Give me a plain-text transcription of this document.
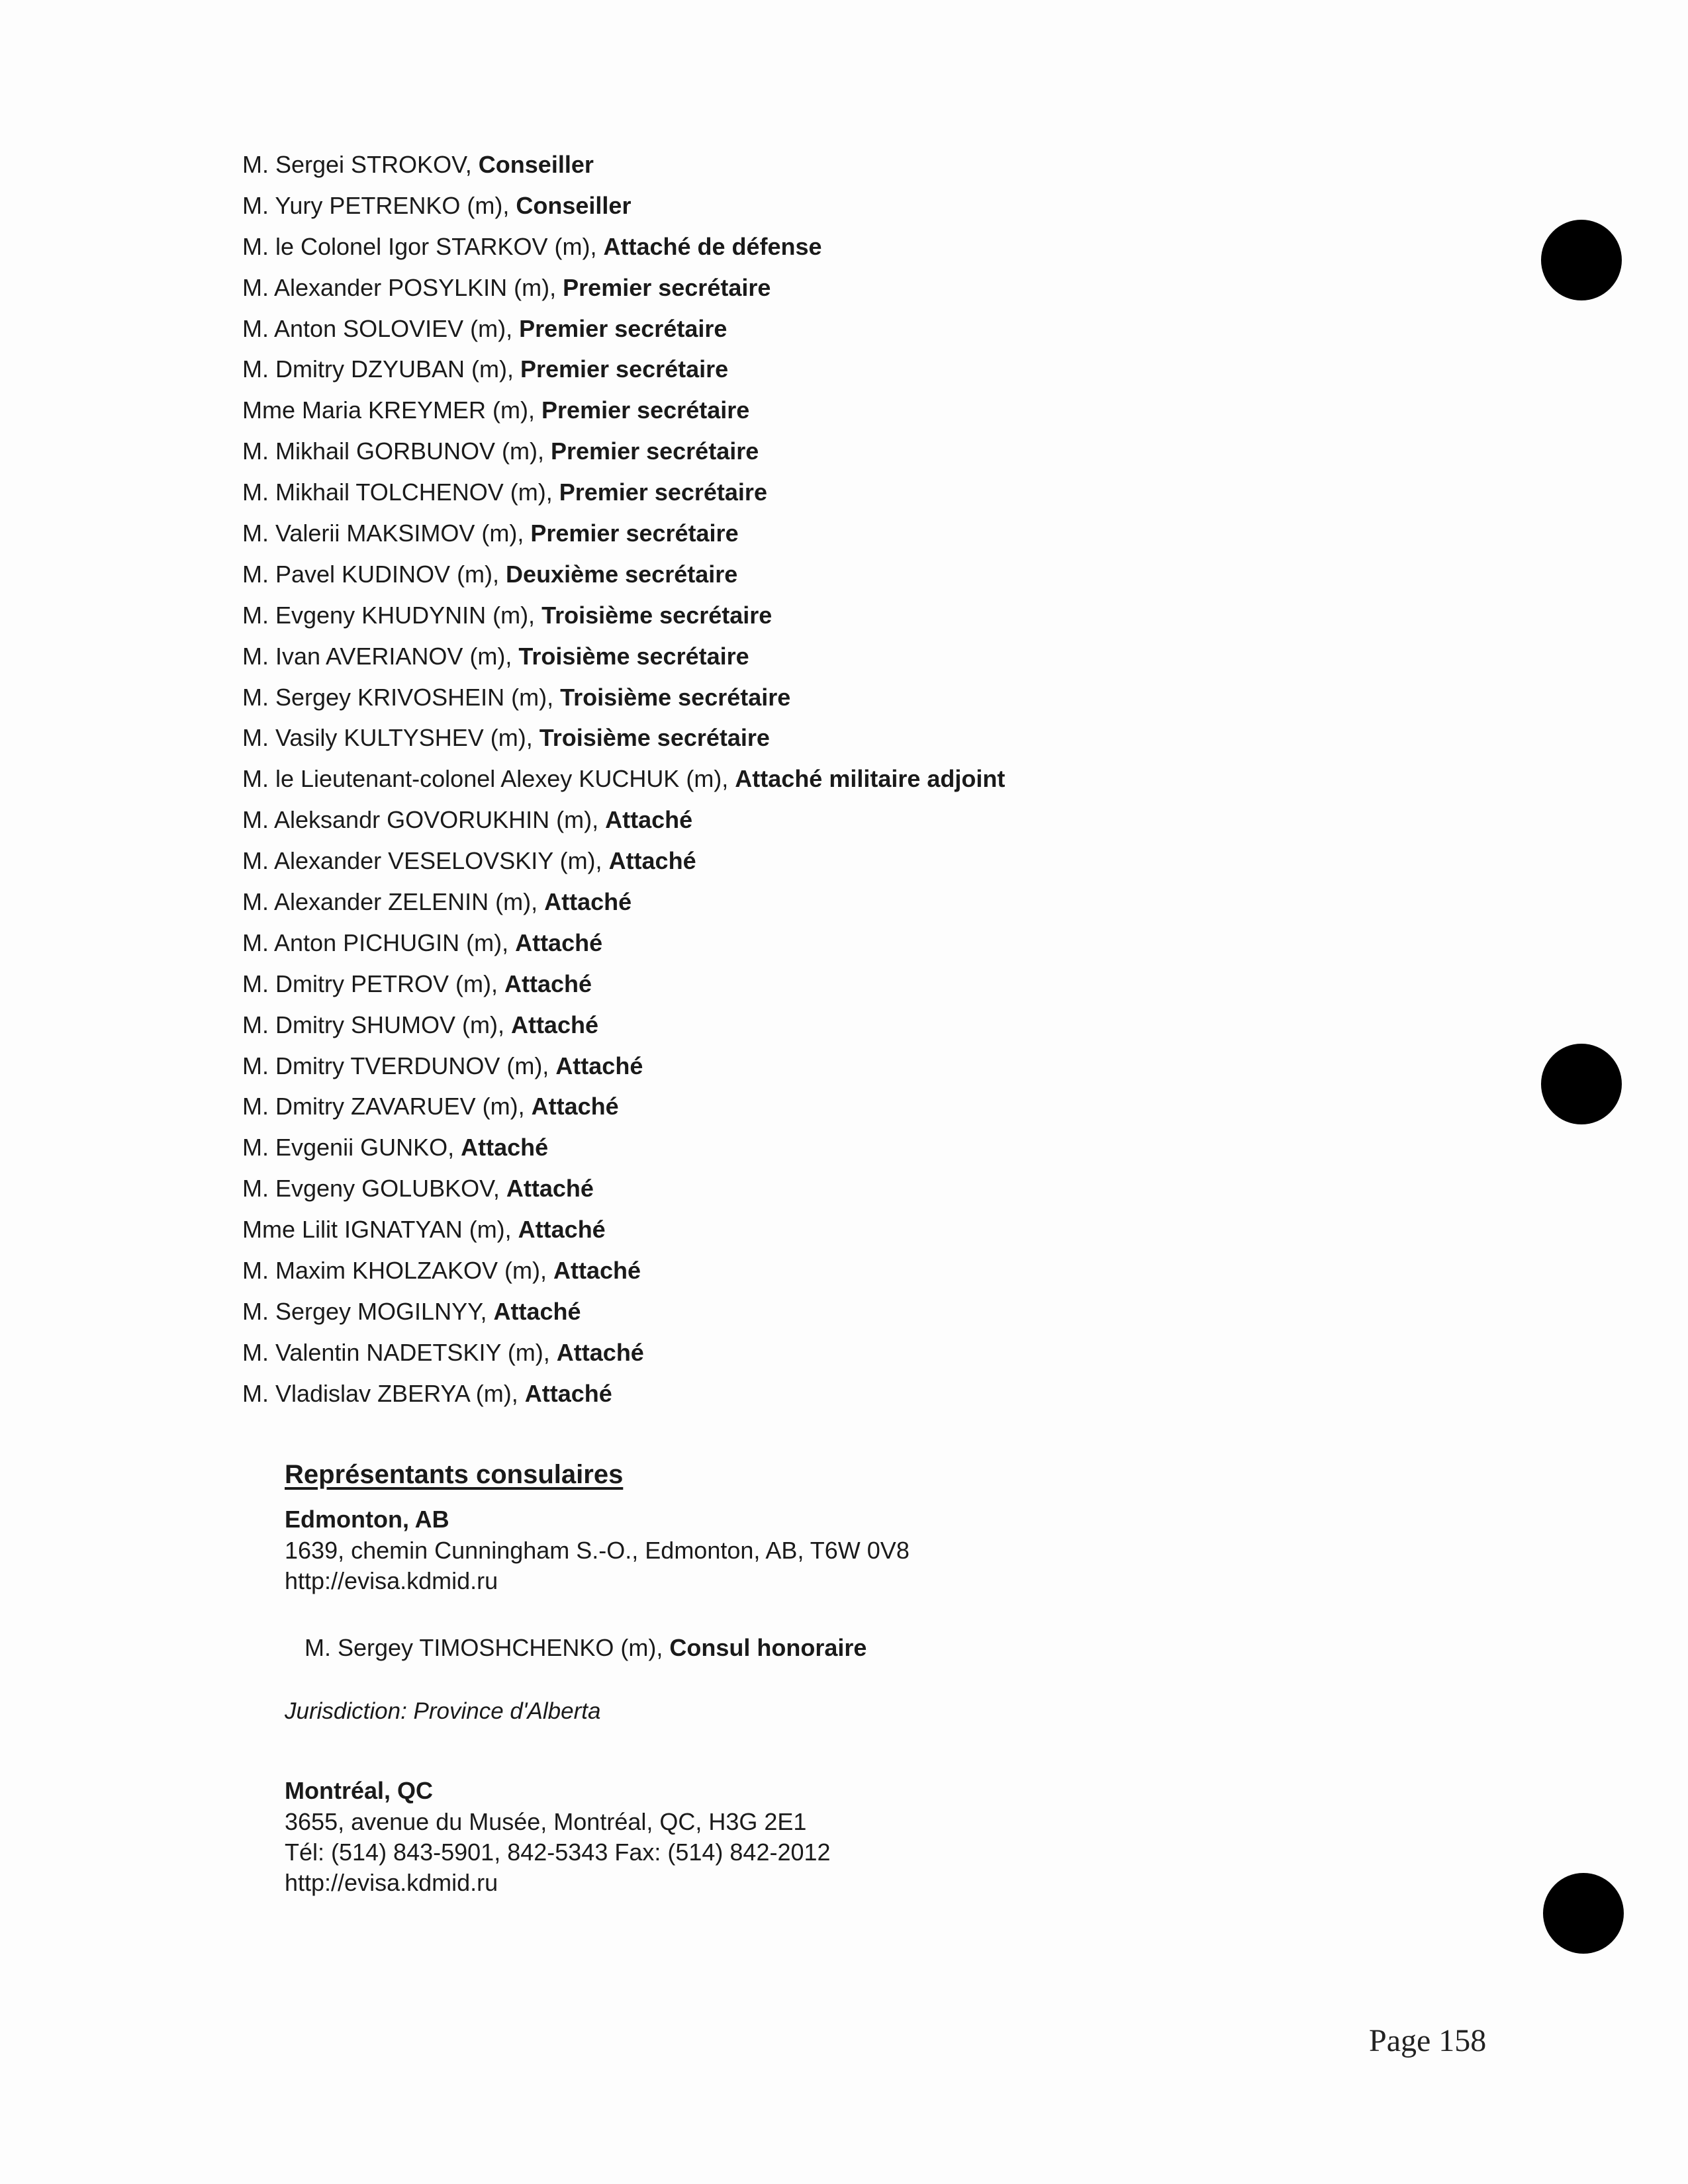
M. Sergei STROKOV, Conseiller
M. Yury PETRENKO (m), Conseiller
M. le Colonel Igor STARKOV (m), Attaché de défense
M. Alexander POSYLKIN (m), Premier secrétaire
M. Anton SOLOVIEV (m), Premier secrétaire
M. Dmitry DZYUBAN (m), Premier secrétaire
Mme Maria KREYMER (m), Premier secrétaire
M. Mikhail GORBUNOV (m), Premier secrétaire
M. Mikhail TOLCHENOV (m), Premier secrétaire
M. Valerii MAKSIMOV (m), Premier secrétaire
M. Pavel KUDINOV (m), Deuxième secrétaire
M. Evgeny KHUDYNIN (m), Troisième secrétaire
M. Ivan AVERIANOV (m), Troisième secrétaire
M. Sergey KRIVOSHEIN (m), Troisième secrétaire
M. Vasily KULTYSHEV (m), Troisième secrétaire
M. le Lieutenant-colonel Alexey KUCHUK (m), Attaché militaire adjoint
M. Aleksandr GOVORUKHIN (m), Attaché
M. Alexander VESELOVSKIY (m), Attaché
M. Alexander ZELENIN (m), Attaché
M. Anton PICHUGIN (m), Attaché
M. Dmitry PETROV (m), Attaché
M. Dmitry SHUMOV (m), Attaché
M. Dmitry TVERDUNOV (m), Attaché
M. Dmitry ZAVARUEV (m), Attaché
M. Evgenii GUNKO, Attaché
M. Evgeny GOLUBKOV, Attaché
Mme Lilit IGNATYAN (m), Attaché
M. Maxim KHOLZAKOV (m), Attaché
M. Sergey MOGILNYY, Attaché
M. Valentin NADETSKIY (m), Attaché
M. Vladislav ZBERYA (m), Attaché
Représentants consulaires
Edmonton, AB
1639, chemin Cunningham S.-O., Edmonton, AB, T6W 0V8
http://evisa.kdmid.ru
M. Sergey TIMOSHCHENKO (m), Consul honoraire
Jurisdiction: Province d'Alberta
Montréal, QC
3655, avenue du Musée, Montréal, QC, H3G 2E1
Tél: (514) 843-5901, 842-5343 Fax: (514) 842-2012
http://evisa.kdmid.ru
Page 158
